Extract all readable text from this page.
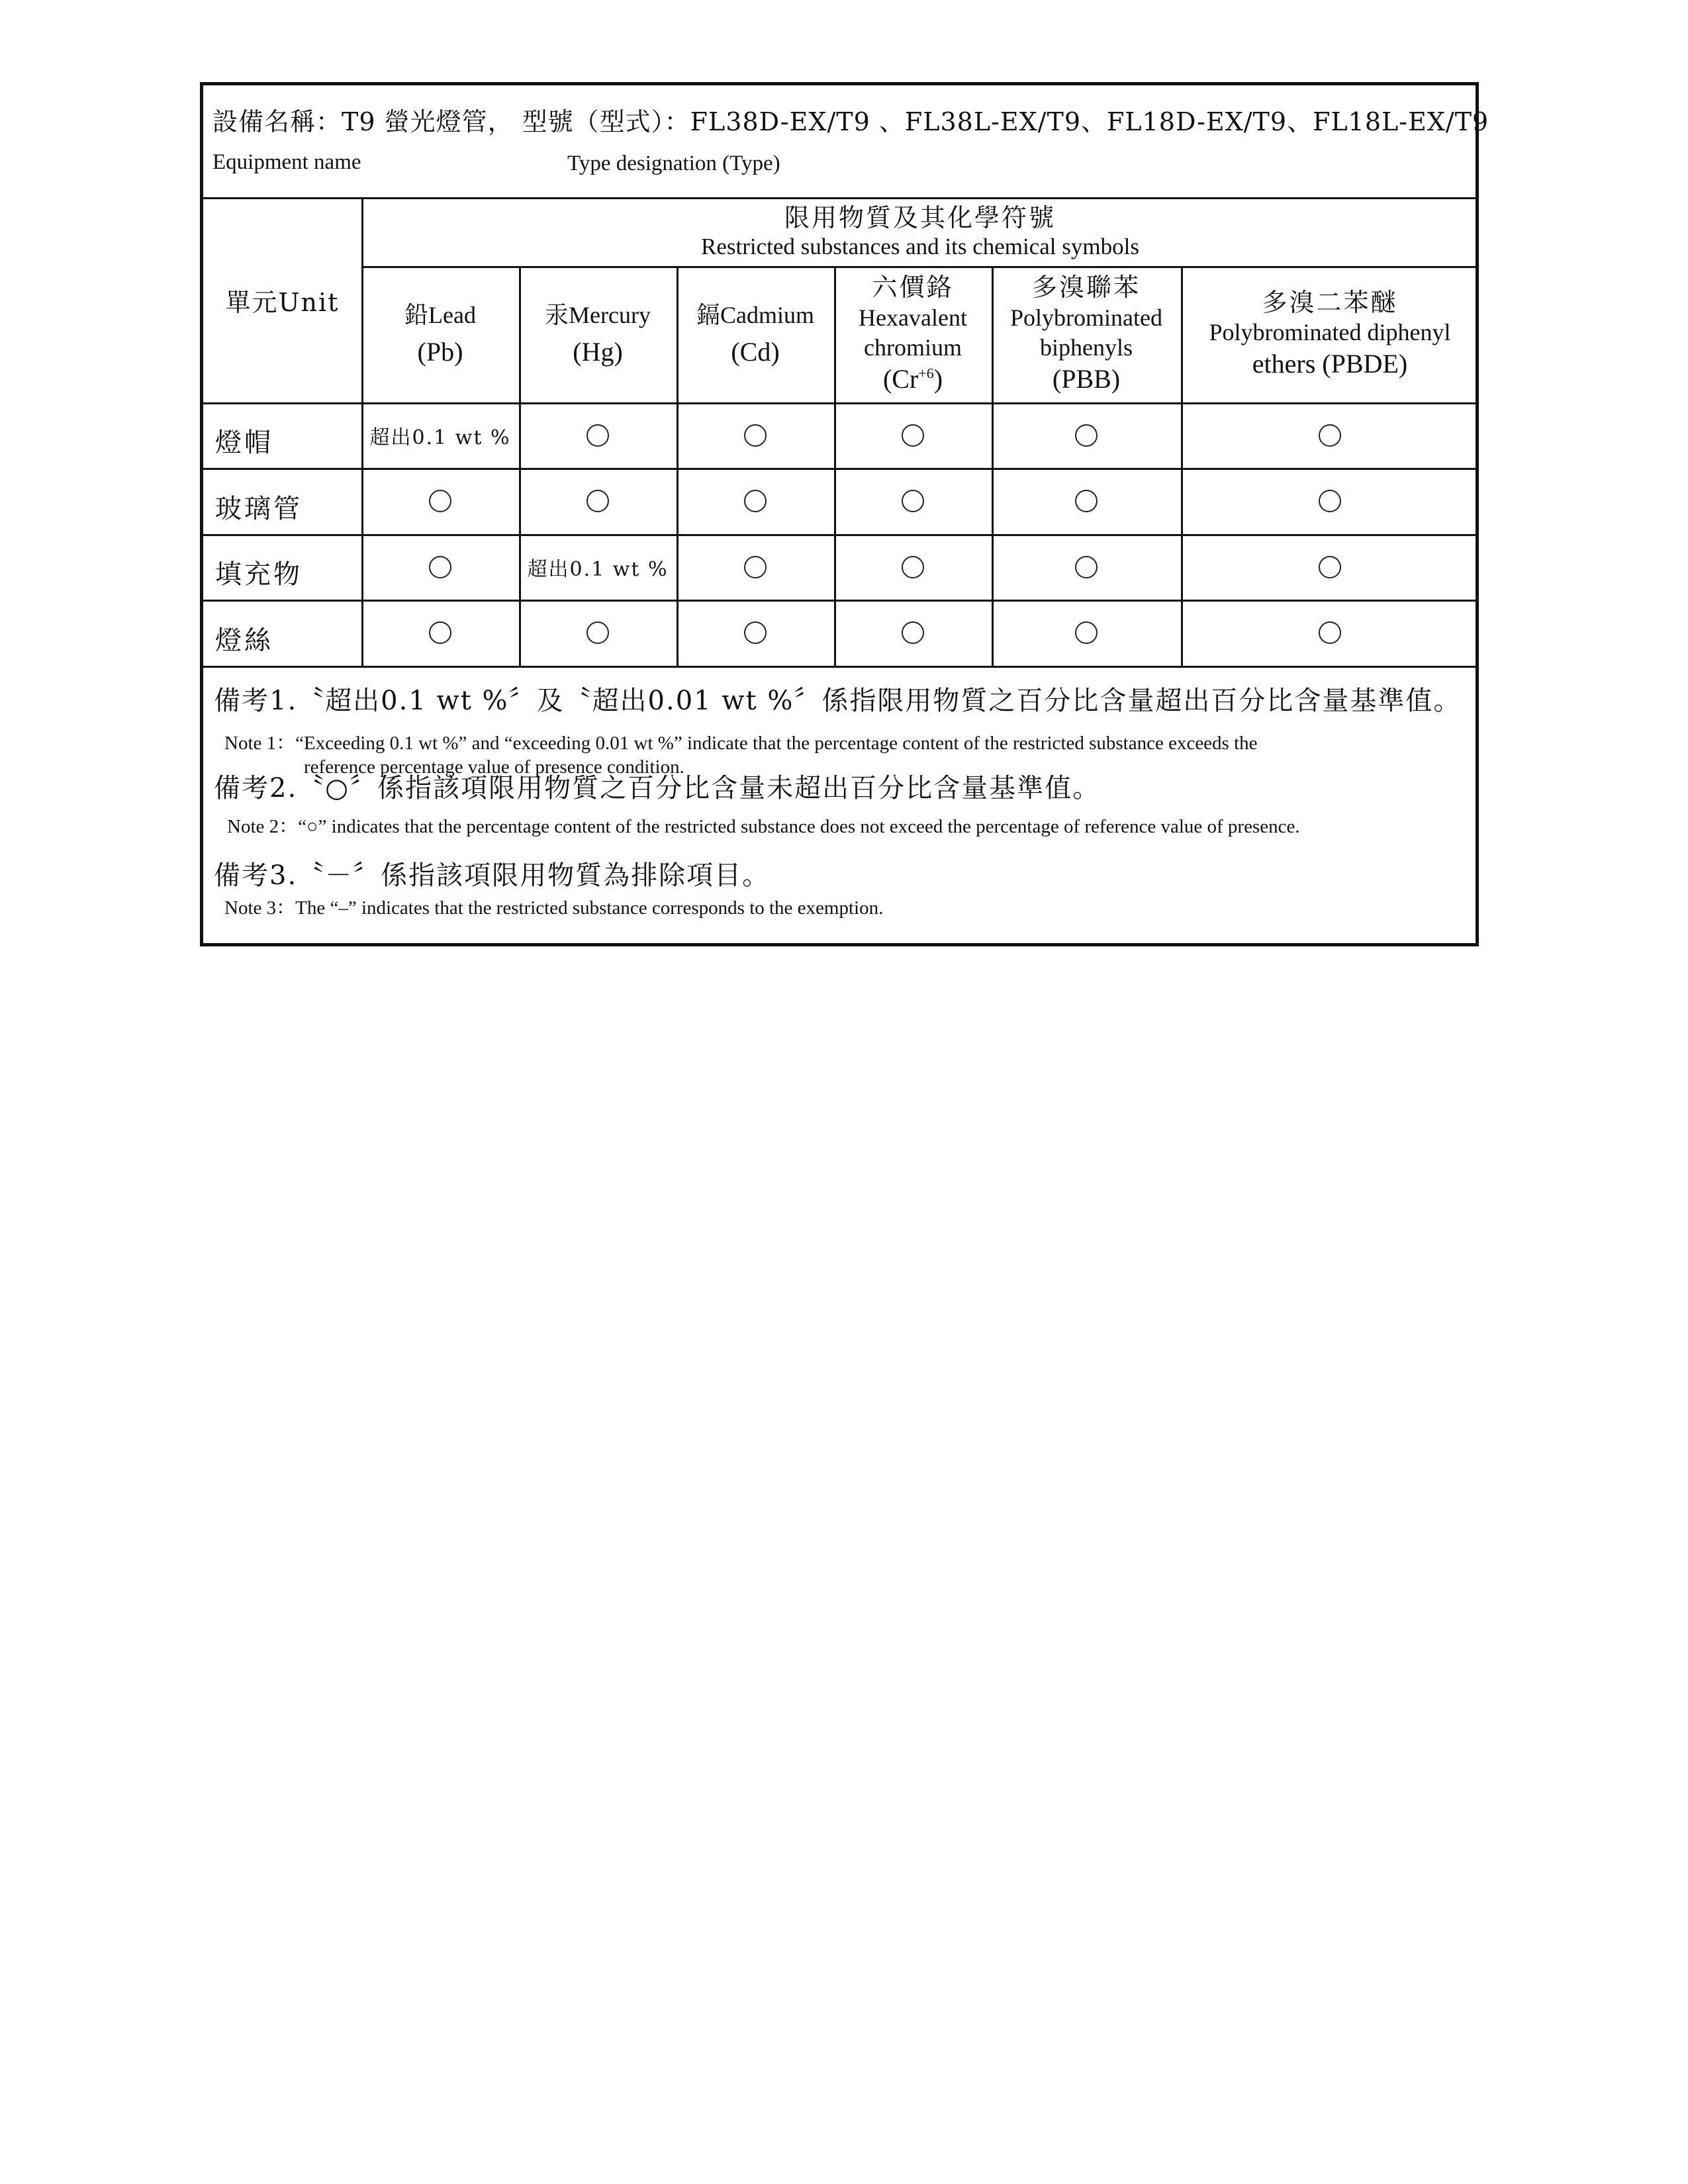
設備名稱：T9 螢光燈管， 型號（型式）：FL38D-EX/T9 、FL38L-EX/T9、FL18D-EX/T9、FL18L-EX/T9
Equipment name	Type designation (Type)
單元Unit
限用物質及其化學符號
Restricted substances and its chemical symbols
鉛Lead
(Pb)
汞Mercury
(Hg)
鎘Cadmium
(Cd)
六價鉻
Hexavalent
chromium
$(Cr^{+6})$
多溴聯苯
Polybrominated
biphenyls
(PBB)
多溴二苯醚
Polybrominated diphenyl
ethers (PBDE)
燈帽
玻璃管
填充物
燈絲
超出0.1 wt %
超出0.1 wt %
備考1.〝超出0.1 wt %〞及〝超出0.01 wt %〞係指限用物質之百分比含量超出百分比含量基準值。
Note 1：“Exceeding 0.1 wt %” and “exceeding 0.01 wt %” indicate that the percentage content of the restricted substance exceeds the
reference percentage value of presence condition.
備考2.〝○〞係指該項限用物質之百分比含量未超出百分比含量基準值。
Note 2：“○” indicates that the percentage content of the restricted substance does not exceed the percentage of reference value of presence.
備考3.〝－〞係指該項限用物質為排除項目。
Note 3：The “–” indicates that the restricted substance corresponds to the exemption.
